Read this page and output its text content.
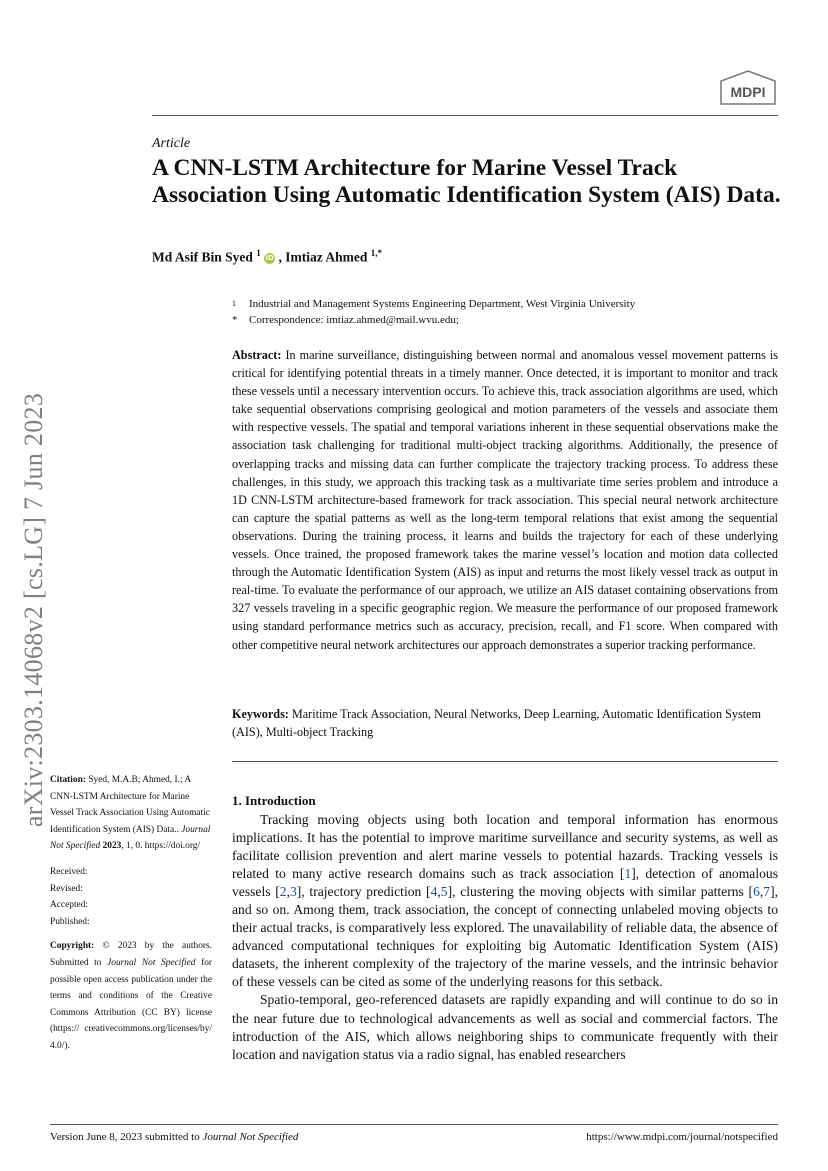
MDPI
arXiv:2303.14068v2 [cs.LG] 7 Jun 2023
Article
A CNN-LSTM Architecture for Marine Vessel Track Association Using Automatic Identification System (AIS) Data.
Md Asif Bin Syed $^1$ iD , Imtiaz Ahmed $^{1,*}$
1	Industrial and Management Systems Engineering Department, West Virginia University
*	Correspondence: imtiaz.ahmed@mail.wvu.edu;

Abstract: In marine surveillance, distinguishing between normal and anomalous vessel movement patterns is critical for identifying potential threats in a timely manner. Once detected, it is important to monitor and track these vessels until a necessary intervention occurs. To achieve this, track association algorithms are used, which take sequential observations comprising geological and motion parameters of the vessels and associate them with respective vessels. The spatial and temporal variations inherent in these sequential observations make the association task challenging for traditional multi-object tracking algorithms. Additionally, the presence of overlapping tracks and missing data can further complicate the trajectory tracking process. To address these challenges, in this study, we approach this tracking task as a multivariate time series problem and introduce a 1D CNN-LSTM architecture-based framework for track association. This special neural network architecture can capture the spatial patterns as well as the long-term temporal relations that exist among the sequential observations. During the training process, it learns and builds the trajectory for each of these underlying vessels. Once trained, the proposed framework takes the marine vessel’s location and motion data collected through the Automatic Identification System (AIS) as input and returns the most likely vessel track as output in real-time. To evaluate the performance of our approach, we utilize an AIS dataset containing observations from 327 vessels traveling in a specific geographic region. We measure the performance of our proposed framework using standard performance metrics such as accuracy, precision, recall, and F1 score. When compared with other competitive neural network architectures our approach demonstrates a superior tracking performance.

Keywords: Maritime Track Association, Neural Networks, Deep Learning, Automatic Identification System (AIS), Multi-object Tracking

Citation: Syed, M.A.B; Ahmed, I.; A CNN-LSTM Architecture for Marine Vessel Track Association Using Automatic Identification System (AIS) Data.. Journal Not Specified 2023, 1, 0. https://doi.org/

Received:
Revised:
Accepted:
Published:

Copyright: © 2023 by the authors. Submitted to Journal Not Specified for possible open access publication under the terms and conditions of the Creative Commons Attribution (CC BY) license (https:// creativecommons.org/licenses/by/ 4.0/).

1. Introduction

Tracking moving objects using both location and temporal information has enormous implications. It has the potential to improve maritime surveillance and security systems, as well as facilitate collision prevention and alert marine vessels to potential hazards. Tracking vessels is related to many active research domains such as track association [1], detection of anomalous vessels [2,3], trajectory prediction [4,5], clustering the moving objects with similar patterns [6,7], and so on. Among them, track association, the concept of connecting unlabeled moving objects to their actual tracks, is comparatively less explored. The unavailability of reliable data, the absence of advanced computational techniques for exploiting big Automatic Identification System (AIS) datasets, the inherent complexity of the trajectory of the marine vessels, and the intrinsic behavior of these vessels can be cited as some of the underlying reasons for this setback.

Spatio-temporal, geo-referenced datasets are rapidly expanding and will continue to do so in the near future due to technological advancements as well as social and commercial factors. The introduction of the AIS, which allows neighboring ships to communicate frequently with their location and navigation status via a radio signal, has enabled researchers

Version June 8, 2023 submitted to Journal Not Specified	https://www.mdpi.com/journal/notspecified
